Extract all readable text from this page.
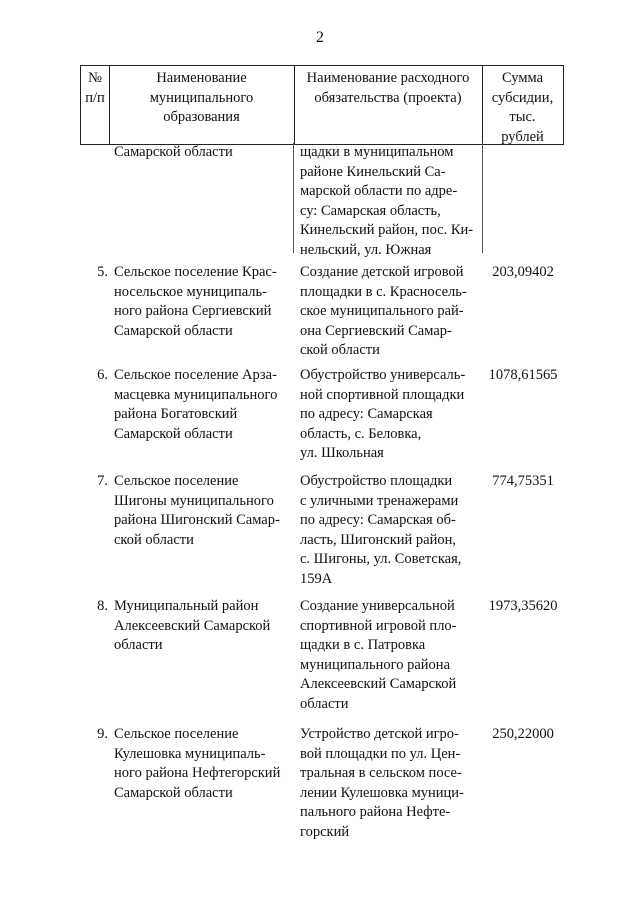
2
№
п/п
Наименование
муниципального
образования
Наименование расходного
обязательства (проекта)
Сумма
субсидии,
тыс.
рублей
Самарской области	щадки в муниципальном
районе Кинельский Са-
марской области по адре-
су: Самарская область,
Кинельский район, пос. Ки-
нельский, ул. Южная
5. Сельское поселение Крас-
носельское муниципаль-
ного района Сергиевский
Самарской области
Создание детской игровой
площадки в с. Красносель-
ское муниципального рай-
она Сергиевский Самар-
ской области
203,09402
6. Сельское поселение Арза-
масцевка муниципального
района Богатовский
Самарской области
Обустройство универсаль-
ной спортивной площадки
по адресу: Самарская
область, с. Беловка,
ул. Школьная
1078,61565
7. Сельское поселение
Шигоны муниципального
района Шигонский Самар-
ской области
Обустройство площадки
с уличными тренажерами
по адресу: Самарская об-
ласть, Шигонский район,
с. Шигоны, ул. Советская,
159А
774,75351
8. Муниципальный район
Алексеевский Самарской
области
Создание универсальной
спортивной игровой пло-
щадки в с. Патровка
муниципального района
Алексеевский Самарской
области
1973,35620
9. Сельское поселение
Кулешовка муниципаль-
ного района Нефтегорский
Самарской области
Устройство детской игро-
вой площадки по ул. Цен-
тральная в сельском посе-
лении Кулешовка муници-
пального района Нефте-
горский
250,22000
